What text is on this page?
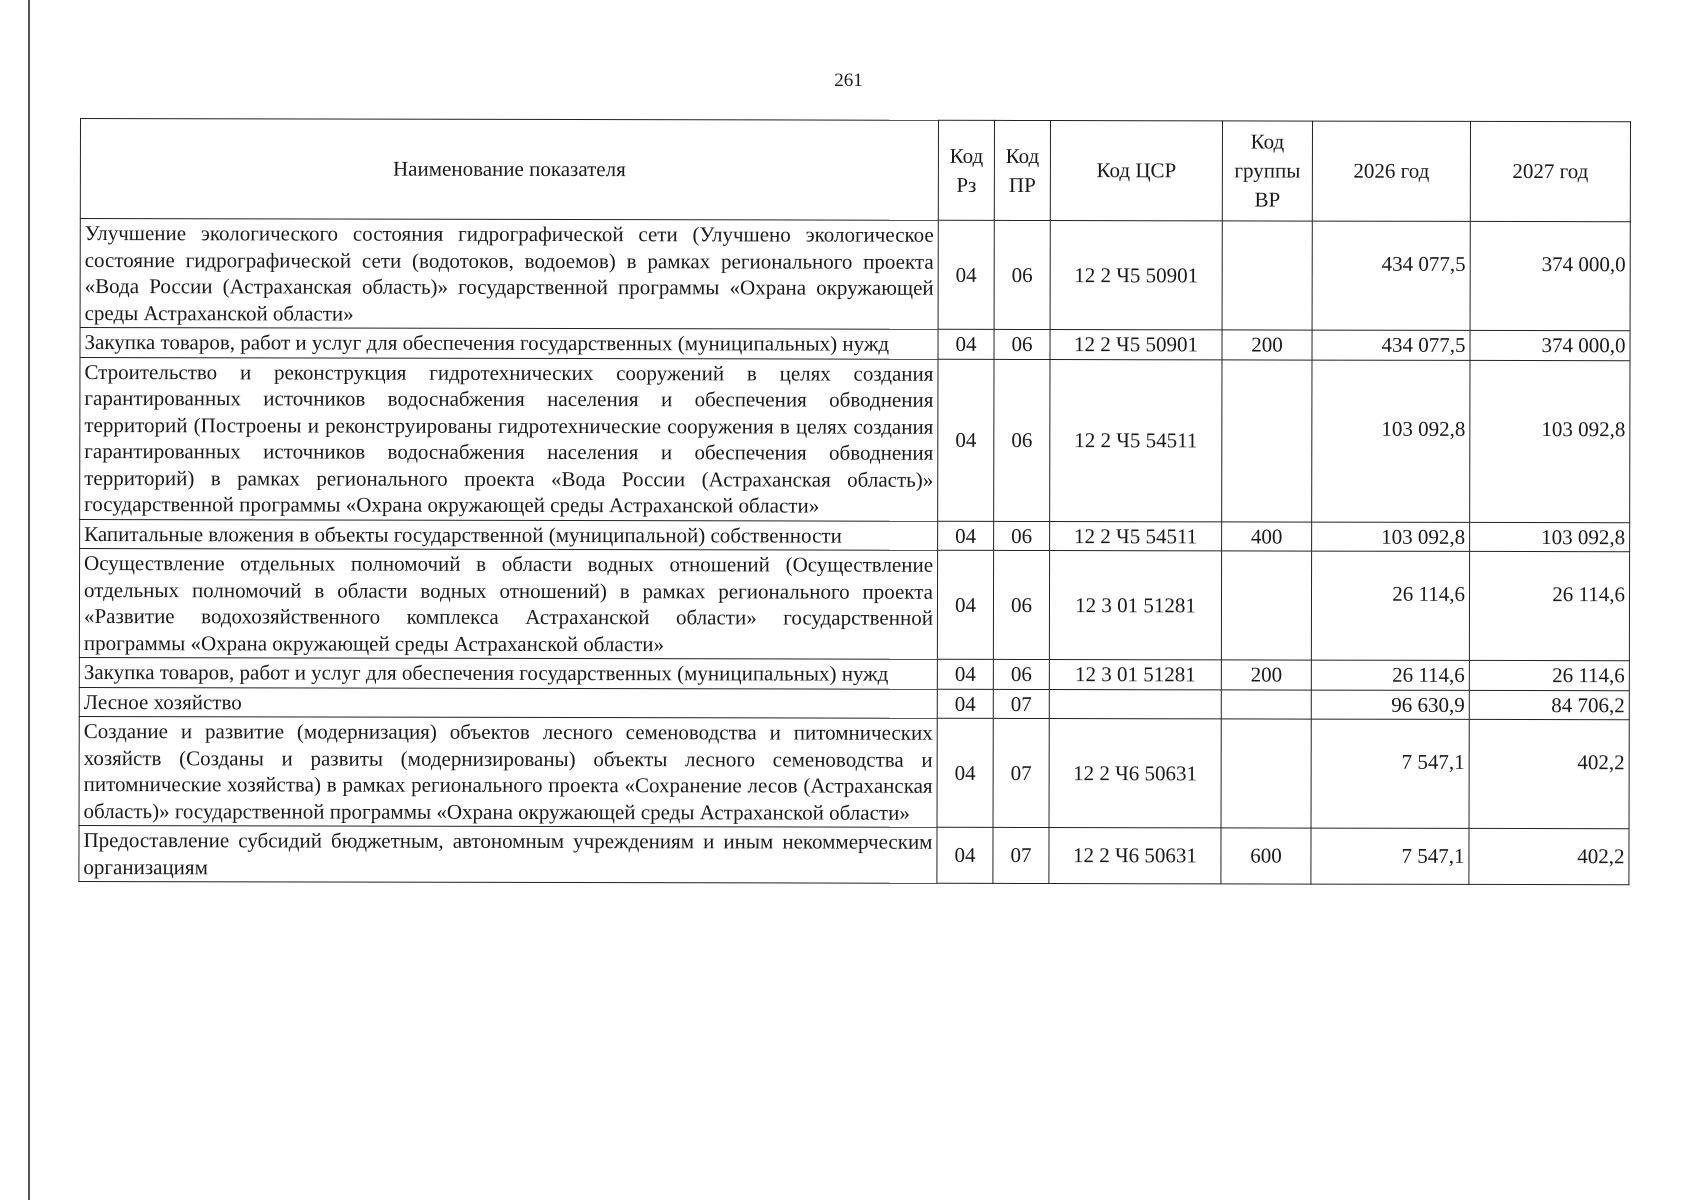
261
Наименование показателя	Код Рз	Код ПР	Код ЦСР	Код группы ВР	2026 год	2027 год
Улучшение экологического состояния гидрографической сети (Улучшено экологическое состояние гидрографической сети (водотоков, водоемов) в рамках регионального проекта «Вода России (Астраханская область)» государственной программы «Охрана окружающей среды Астраханской области»	04	06	12 2 Ч5 50901		434 077,5	374 000,0
Закупка товаров, работ и услуг для обеспечения государственных (муниципальных) нужд	04	06	12 2 Ч5 50901	200	434 077,5	374 000,0
Строительство и реконструкция гидротехнических сооружений в целях создания гарантированных источников водоснабжения населения и обеспечения обводнения территорий (Построены и реконструированы гидротехнические сооружения в целях создания гарантированных источников водоснабжения населения и обеспечения обводнения территорий) в рамках регионального проекта «Вода России (Астраханская область)» государственной программы «Охрана окружающей среды Астраханской области»	04	06	12 2 Ч5 54511		103 092,8	103 092,8
Капитальные вложения в объекты государственной (муниципальной) собственности	04	06	12 2 Ч5 54511	400	103 092,8	103 092,8
Осуществление отдельных полномочий в области водных отношений (Осуществление отдельных полномочий в области водных отношений) в рамках регионального проекта «Развитие водохозяйственного комплекса Астраханской области» государственной программы «Охрана окружающей среды Астраханской области»	04	06	12 3 01 51281		26 114,6	26 114,6
Закупка товаров, работ и услуг для обеспечения государственных (муниципальных) нужд	04	06	12 3 01 51281	200	26 114,6	26 114,6
Лесное хозяйство	04	07			96 630,9	84 706,2
Создание и развитие (модернизация) объектов лесного семеноводства и питомнических хозяйств (Созданы и развиты (модернизированы) объекты лесного семеноводства и питомнические хозяйства) в рамках регионального проекта «Сохранение лесов (Астраханская область)» государственной программы «Охрана окружающей среды Астраханской области»	04	07	12 2 Ч6 50631		7 547,1	402,2
Предоставление субсидий бюджетным, автономным учреждениям и иным некоммерческим организациям	04	07	12 2 Ч6 50631	600	7 547,1	402,2
